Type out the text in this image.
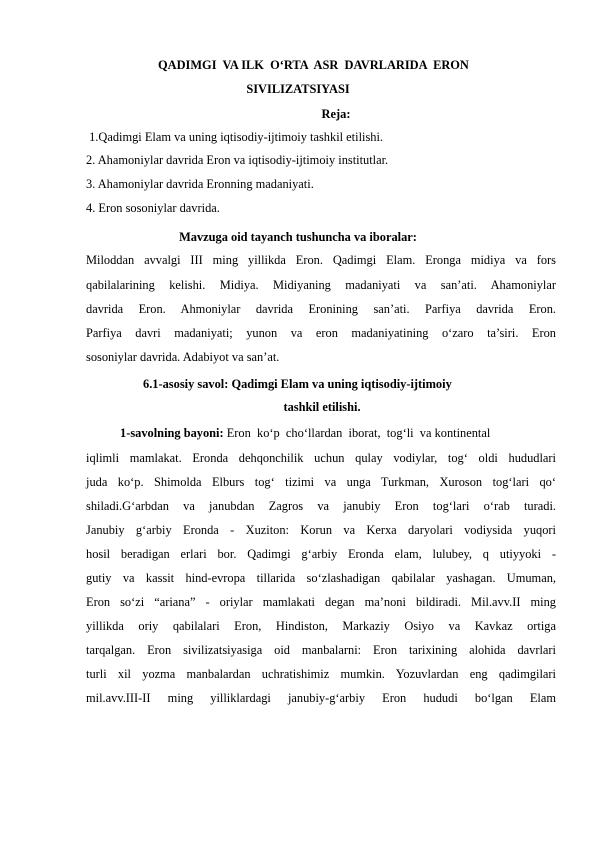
QADIMGI  VA ILK  O‘RTA  ASR  DAVRLARIDA  ERON
SIVILIZATSIYASI
Reja:
1.Qadimgi Elam va uning iqtisodiy-ijtimoiy tashkil etilishi.
2. Ahamoniylar davrida Eron va iqtisodiy-ijtimoiy institutlar.
3. Ahamoniylar davrida Eronning madaniyati.
4. Eron sosoniylar davrida.
Mavzuga oid tayanch tushuncha va iboralar:
Miloddan avvalgi III ming yillikda Eron. Qadimgi Elam. Eronga midiya va fors
qabilalarining kelishi. Midiya. Midiyaning madaniyati va san’ati. Ahamoniylar
davrida Eron. Ahmoniylar davrida Eronining san’ati. Parfiya davrida Eron.
Parfiya davri madaniyati; yunon va eron madaniyatining o‘zaro ta’siri. Eron
sosoniylar davrida. Adabiyot va san’at.
6.1-asosiy savol: Qadimgi Elam va uning iqtisodiy-ijtimoiy
tashkil etilishi.
1-savolning bayoni: Eron  ko‘p  cho‘llardan  iborat,  tog‘li  va kontinental
iqlimli mamlakat. Eronda dehqonchilik uchun qulay vodiylar, tog‘ oldi hududlari
juda ko‘p. Shimolda Elburs tog‘ tizimi va unga Turkman, Xuroson tog‘lari qo‘
shiladi.G‘arbdan va janubdan Zagros va janubiy Eron tog‘lari o‘rab turadi.
Janubiy g‘arbiy Eronda - Xuziton: Korun va Kerxa daryolari vodiysida yuqori
hosil beradigan erlari bor. Qadimgi g‘arbiy Eronda elam, lulubey, q utiyyoki -
gutiy va kassit hind-evropa tillarida so‘zlashadigan qabilalar yashagan. Umuman,
Eron so‘zi “ariana” - oriylar mamlakati degan ma’noni bildiradi. Mil.avv.II ming
yillikda oriy qabilalari Eron, Hindiston, Markaziy Osiyo va Kavkaz ortiga
tarqalgan. Eron sivilizatsiyasiga oid manbalarni: Eron tarixining alohida davrlari
turli xil yozma manbalardan uchratishimiz mumkin. Yozuvlardan eng qadimgilari
mil.avv.III-II ming yilliklardagi janubiy-g‘arbiy Eron hududi bo‘lgan Elam
